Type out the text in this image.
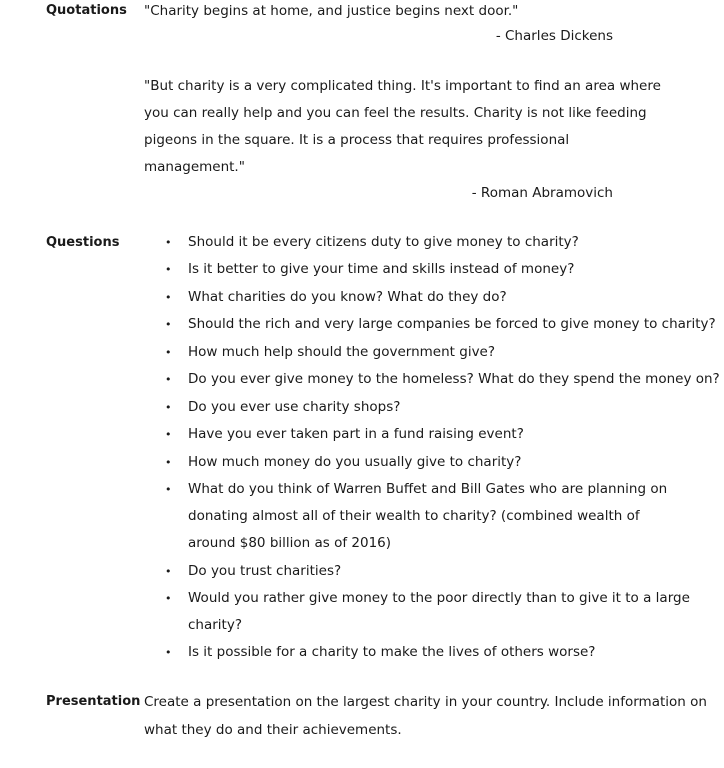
Quotations "Charity begins at home, and justice begins next door."
- Charles Dickens
"But charity is a very complicated thing. It's important to find an area where
you can really help and you can feel the results. Charity is not like feeding
pigeons in the square. It is a process that requires professional
management."
- Roman Abramovich
Questions	• Should it be every citizens duty to give money to charity?
• Is it better to give your time and skills instead of money?
• What charities do you know? What do they do?
• Should the rich and very large companies be forced to give money to charity?
• How much help should the government give?
• Do you ever give money to the homeless? What do they spend the money on?
• Do you ever use charity shops?
• Have you ever taken part in a fund raising event?
• How much money do you usually give to charity?
• What do you think of Warren Buffet and Bill Gates who are planning on
donating almost all of their wealth to charity? (combined wealth of
around $80 billion as of 2016)
• Do you trust charities?
• Would you rather give money to the poor directly than to give it to a large
charity?
• Is it possible for a charity to make the lives of others worse?
Presentation Create a presentation on the largest charity in your country. Include information on
what they do and their achievements.
